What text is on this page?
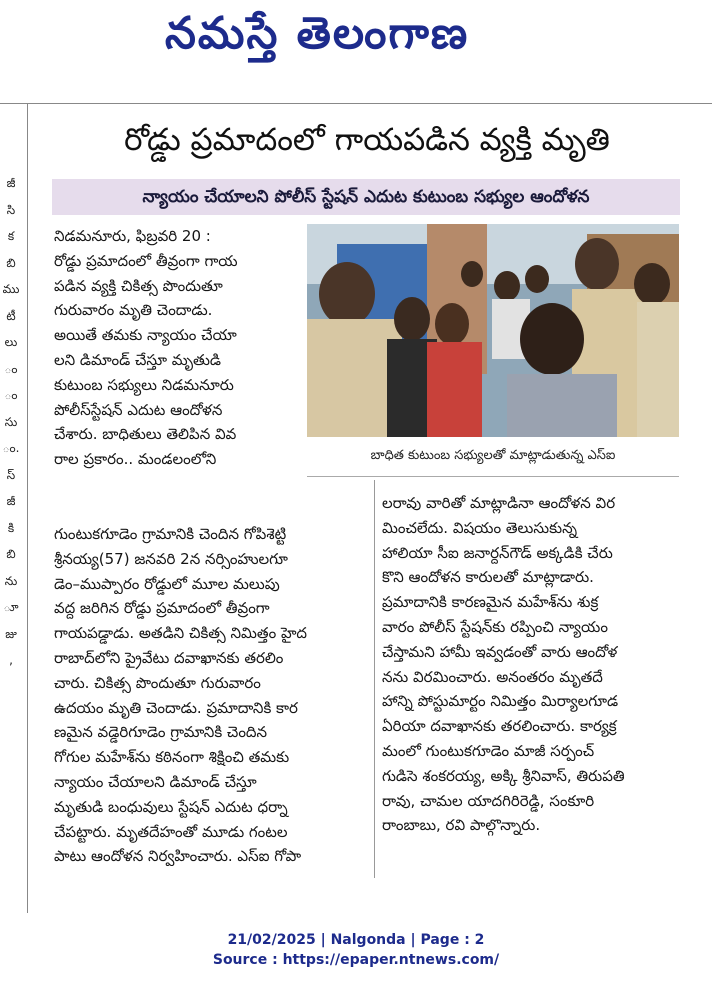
నమస్తే తెలంగాణ
జీ
సి
క
బి
ము
టీ
లు
ం
ం
సు
ం.
స్
జీ
కి
బి
ను
ూ
జు
,
రోడ్డు ప్రమాదంలో గాయపడిన వ్యక్తి మృతి
న్యాయం చేయాలని పోలీస్ స్టేషన్ ఎదుట కుటుంబ సభ్యుల ఆందోళన
నిడమనూరు, ఫిబ్రవరి 20 :
రోడ్డు ప్రమాదంలో తీవ్రంగా గాయ
పడిన వ్యక్తి చికిత్స పొందుతూ
గురువారం మృతి చెందాడు.
అయితే తమకు న్యాయం చేయా
లని డిమాండ్ చేస్తూ మృతుడి
కుటుంబ సభ్యులు నిడమనూరు
పోలీస్‌స్టేషన్ ఎదుట ఆందోళన
చేశారు. బాధితులు తెలిపిన వివ
రాల ప్రకారం.. మండలంలోని	బాధిత కుటుంబ సభ్యులతో మాట్లాడుతున్న ఎస్ఐ
గుంటుకగూడెం గ్రామానికి చెందిన గోపిశెట్టి
శ్రీనయ్య(57) జనవరి 2న నర్సింహులగూ
డెం–ముప్పారం రోడ్డులో మూల మలుపు
వద్ద జరిగిన రోడ్డు ప్రమాదంలో తీవ్రంగా
గాయపడ్డాడు. అతడిని చికిత్స నిమిత్తం హైద
రాబాద్‌లోని ప్రైవేటు దవాఖానకు తరలిం
చారు. చికిత్స పొందుతూ గురువారం
ఉదయం మృతి చెందాడు. ప్రమాదానికి కార
ణమైన వడ్డెరిగూడెం గ్రామానికి చెందిన
గోగుల మహేశ్‌ను కఠినంగా శిక్షించి తమకు
న్యాయం చేయాలని డిమాండ్ చేస్తూ
మృతుడి బంధువులు స్టేషన్ ఎదుట ధర్నా
చేపట్టారు. మృతదేహంతో మూడు గంటల
పాటు ఆందోళన నిర్వహించారు. ఎస్ఐ గోపా
లరావు వారితో మాట్లాడినా ఆందోళన విర
మించలేదు. విషయం తెలుసుకున్న
హాలియా సీఐ జనార్దన్‌గౌడ్ అక్కడికి చేరు
కొని ఆందోళన కారులతో మాట్లాడారు.
ప్రమాదానికి కారణమైన మహేశ్‌ను శుక్ర
వారం పోలీస్ స్టేషన్‌కు రప్పించి న్యాయం
చేస్తామని హామీ ఇవ్వడంతో వారు ఆందోళ
నను విరమించారు. అనంతరం మృతదే
హాన్ని పోస్టుమార్టం నిమిత్తం మిర్యాలగూడ
ఏరియా దవాఖానకు తరలించారు. కార్యక్ర
మంలో గుంటుకగూడెం మాజీ సర్పంచ్
గుడిసె శంకరయ్య, అక్కి శ్రీనివాస్, తిరుపతి
రావు, చామల యాదగిరిరెడ్డి, సంకూరి
రాంబాబు, రవి పాల్గొన్నారు.
21/02/2025 | Nalgonda | Page : 2
Source : https://epaper.ntnews.com/
